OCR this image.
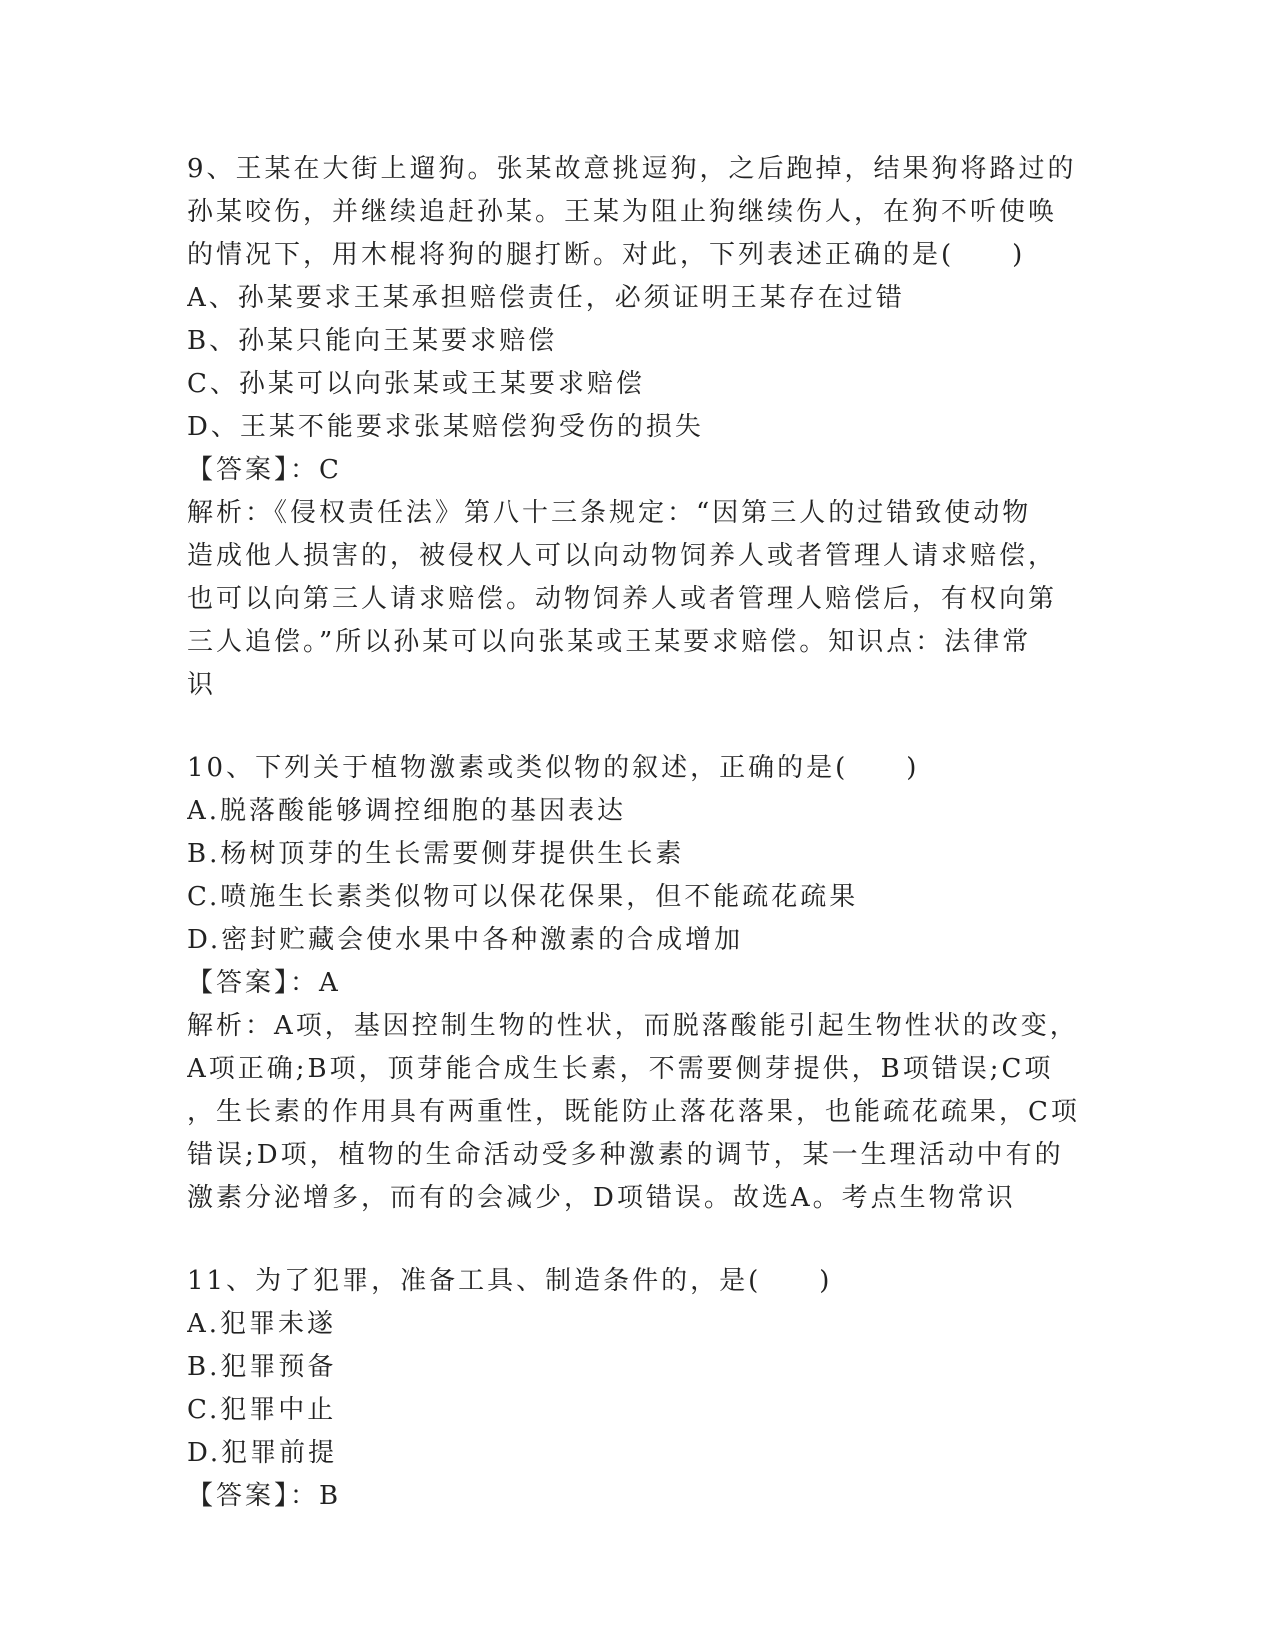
9、王某在大街上遛狗。张某故意挑逗狗，之后跑掉，结果狗将路过的
孙某咬伤，并继续追赶孙某。王某为阻止狗继续伤人，在狗不听使唤
的情况下，用木棍将狗的腿打断。对此，下列表述正确的是(　　)
A、孙某要求王某承担赔偿责任，必须证明王某存在过错
B、孙某只能向王某要求赔偿
C、孙某可以向张某或王某要求赔偿
D、王某不能要求张某赔偿狗受伤的损失
【答案】：C
解析：《侵权责任法》第八十三条规定：“因第三人的过错致使动物
造成他人损害的，被侵权人可以向动物饲养人或者管理人请求赔偿，
也可以向第三人请求赔偿。动物饲养人或者管理人赔偿后，有权向第
三人追偿。”所以孙某可以向张某或王某要求赔偿。知识点：法律常
识
10、下列关于植物激素或类似物的叙述，正确的是(　　)
A.脱落酸能够调控细胞的基因表达
B.杨树顶芽的生长需要侧芽提供生长素
C.喷施生长素类似物可以保花保果，但不能疏花疏果
D.密封贮藏会使水果中各种激素的合成增加
【答案】：A
解析：A项，基因控制生物的性状，而脱落酸能引起生物性状的改变，
A项正确;B项，顶芽能合成生长素，不需要侧芽提供，B项错误;C项
，生长素的作用具有两重性，既能防止落花落果，也能疏花疏果，C项
错误;D项，植物的生命活动受多种激素的调节，某一生理活动中有的
激素分泌增多，而有的会减少，D项错误。故选A。考点生物常识
11、为了犯罪，准备工具、制造条件的，是(　　)
A.犯罪未遂
B.犯罪预备
C.犯罪中止
D.犯罪前提
【答案】：B
